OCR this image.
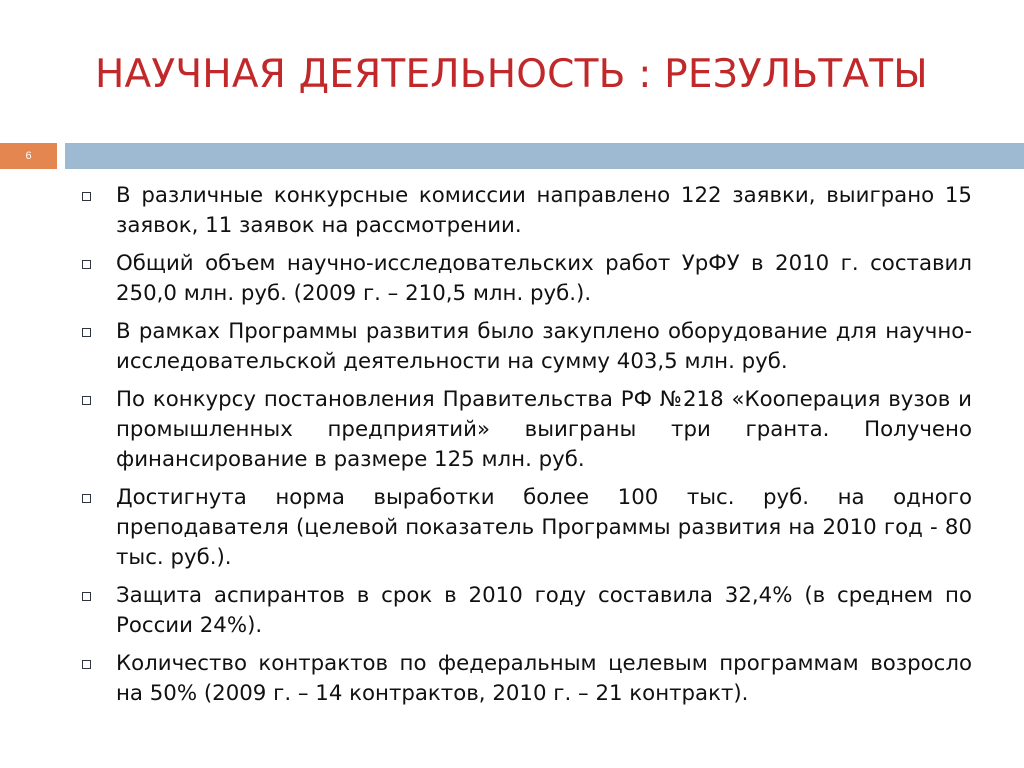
НАУЧНАЯ ДЕЯТЕЛЬНОСТЬ : РЕЗУЛЬТАТЫ
6
В различные конкурсные комиссии направлено 122 заявки, выиграно 15 заявок, 11 заявок на рассмотрении.
Общий объем научно-исследовательских работ УрФУ в 2010 г. составил 250,0 млн. руб. (2009 г. – 210,5 млн. руб.).
В рамках Программы развития было закуплено оборудование для научно-исследовательской деятельности на сумму 403,5 млн. руб.
По конкурсу постановления Правительства РФ №218 «Кооперация вузов и промышленных предприятий» выиграны три гранта. Получено финансирование в размере 125 млн. руб.
Достигнута норма выработки более 100 тыс. руб. на одного преподавателя (целевой показатель Программы развития на 2010 год - 80 тыс. руб.).
Защита аспирантов в срок в 2010 году составила 32,4% (в среднем по России 24%).
Количество контрактов по федеральным целевым программам возросло на 50% (2009 г. – 14 контрактов, 2010 г. – 21 контракт).
